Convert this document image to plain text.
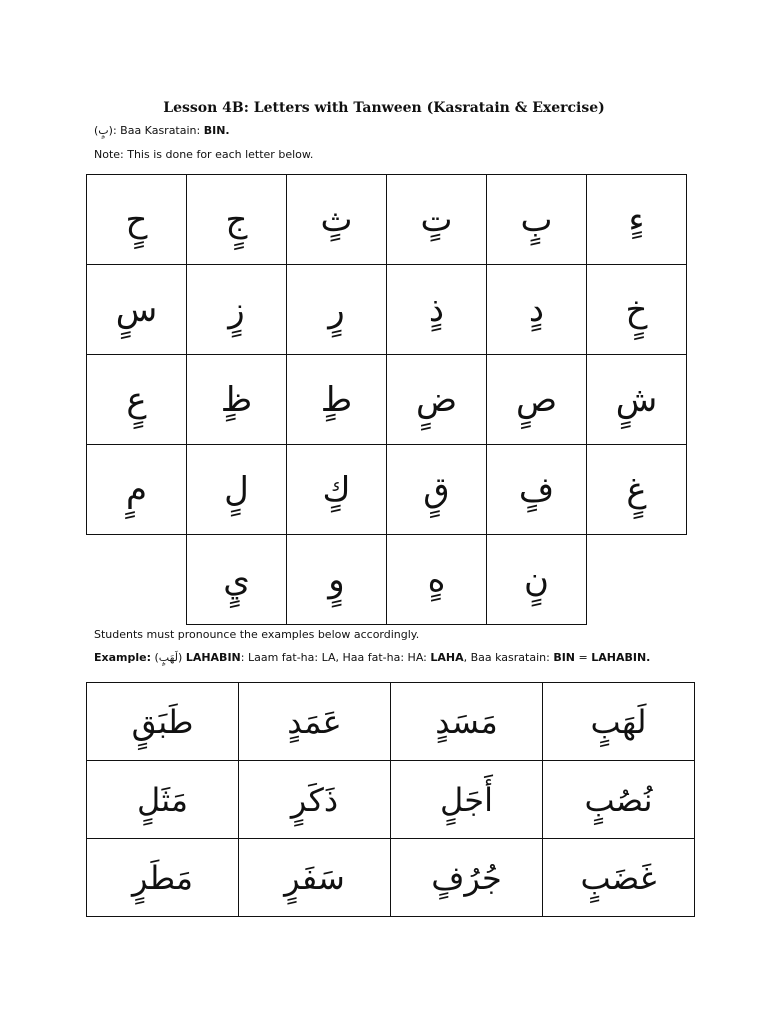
Lesson 4B: Letters with Tanween (Kasratain & Exercise)
(بٍ): Baa Kasratain: BIN.
Note: This is done for each letter below.
ءٍ	بٍ	تٍ	ثٍ	جٍ	حٍ
خٍ	دٍ	ذٍ	رٍ	زٍ	سٍ
شٍ	صٍ	ضٍ	طٍ	ظٍ	عٍ
غٍ	فٍ	قٍ	كٍ	لٍ	مٍ
	نٍ	هٍ	وٍ	يٍ	
Students must pronounce the examples below accordingly.
Example: (لَهَبٍ) LAHABIN: Laam fat-ha: LA, Haa fat-ha: HA: LAHA, Baa kasratain: BIN = LAHABIN.
لَهَبٍ	مَسَدٍ	عَمَدٍ	طَبَقٍ
نُصُبٍ	أَجَلٍ	ذَكَرٍ	مَثَلٍ
غَضَبٍ	جُرُفٍ	سَفَرٍ	مَطَرٍ
